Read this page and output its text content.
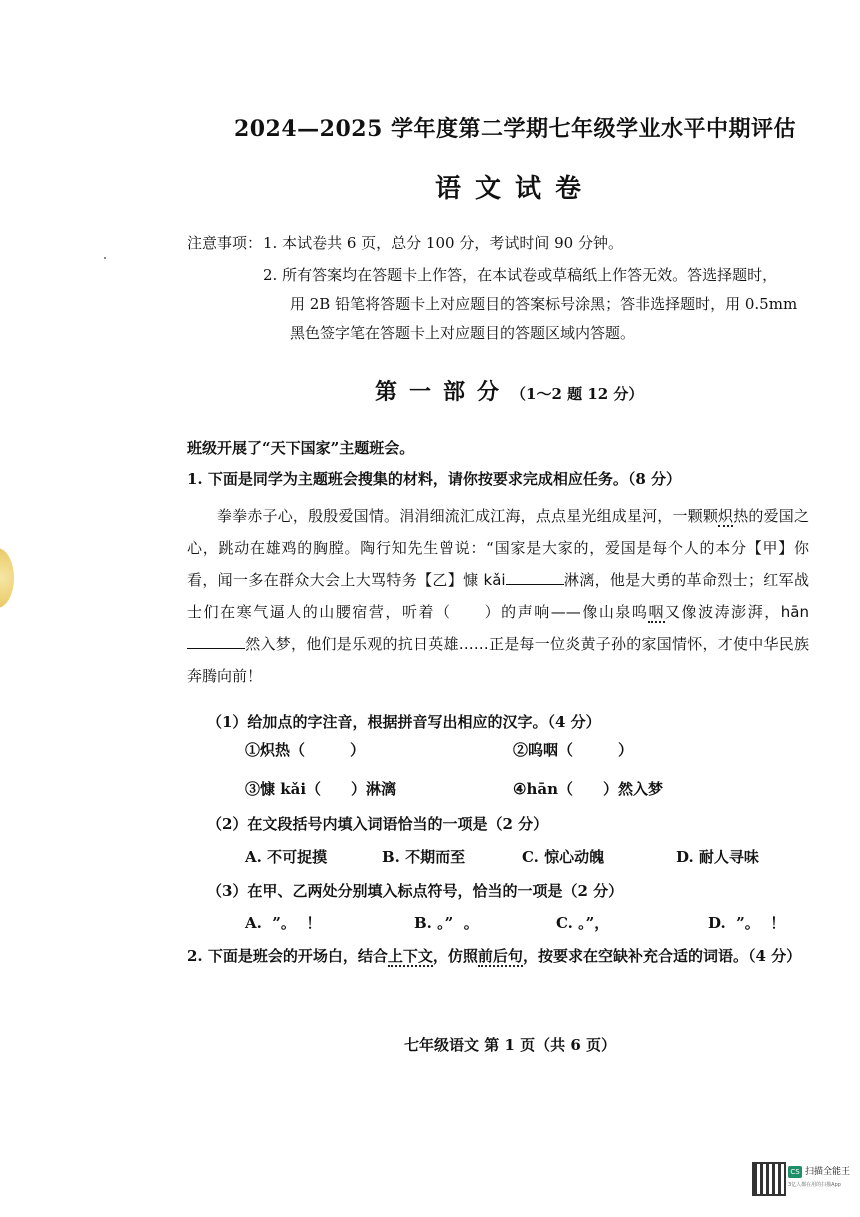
2024—2025 学年度第二学期七年级学业水平中期评估
语文试卷
注意事项： 1. 本试卷共 6 页，总分 100 分，考试时间 90 分钟。
2. 所有答案均在答题卡上作答，在本试卷或草稿纸上作答无效。答选择题时，
用 2B 铅笔将答题卡上对应题目的答案标号涂黑；答非选择题时，用 0.5mm
黑色签字笔在答题卡上对应题目的答题区域内答题。
第一部分（1～2 题 12 分）
班级开展了“天下国家”主题班会。
1. 下面是同学为主题班会搜集的材料，请你按要求完成相应任务。（8 分）

拳拳赤子心，殷殷爱国情。涓涓细流汇成江海，点点星光组成星河，一颗颗炽热的爱国之心，跳动在雄鸡的胸膛。陶行知先生曾说：“国家是大家的，爱国是每个人的本分【甲】你看，闻一多在群众大会上大骂特务【乙】慷 kǎi	淋漓，他是大勇的革命烈士；红军战士们在寒气逼人的山腰宿营，听着（　　）的声响——像山泉呜咽又像波涛澎湃，hān然入梦，他们是乐观的抗日英雄……正是每一位炎黄子孙的家国情怀，才使中华民族奔腾向前！

（1）给加点的字注音，根据拼音写出相应的汉字。（4 分）
①炽热（　　　）	②呜咽（　　　）
③慷 kǎi（　　）淋漓	④hān（　　）然入梦
（2）在文段括号内填入词语恰当的一项是（2 分）
A. 不可捉摸	B. 不期而至	C. 惊心动魄	D. 耐人寻味
（3）在甲、乙两处分别填入标点符号，恰当的一项是（2 分）
A.  ”。  ！	B. 。”  。	C. 。”，	D.  ”。  ！
2. 下面是班会的开场白，结合上下文，仿照前后句，按要求在空缺补充合适的词语。（4 分）
七年级语文 第 1 页（共 6 页）
CS 扫描全能王
3亿人都在用的扫描App
